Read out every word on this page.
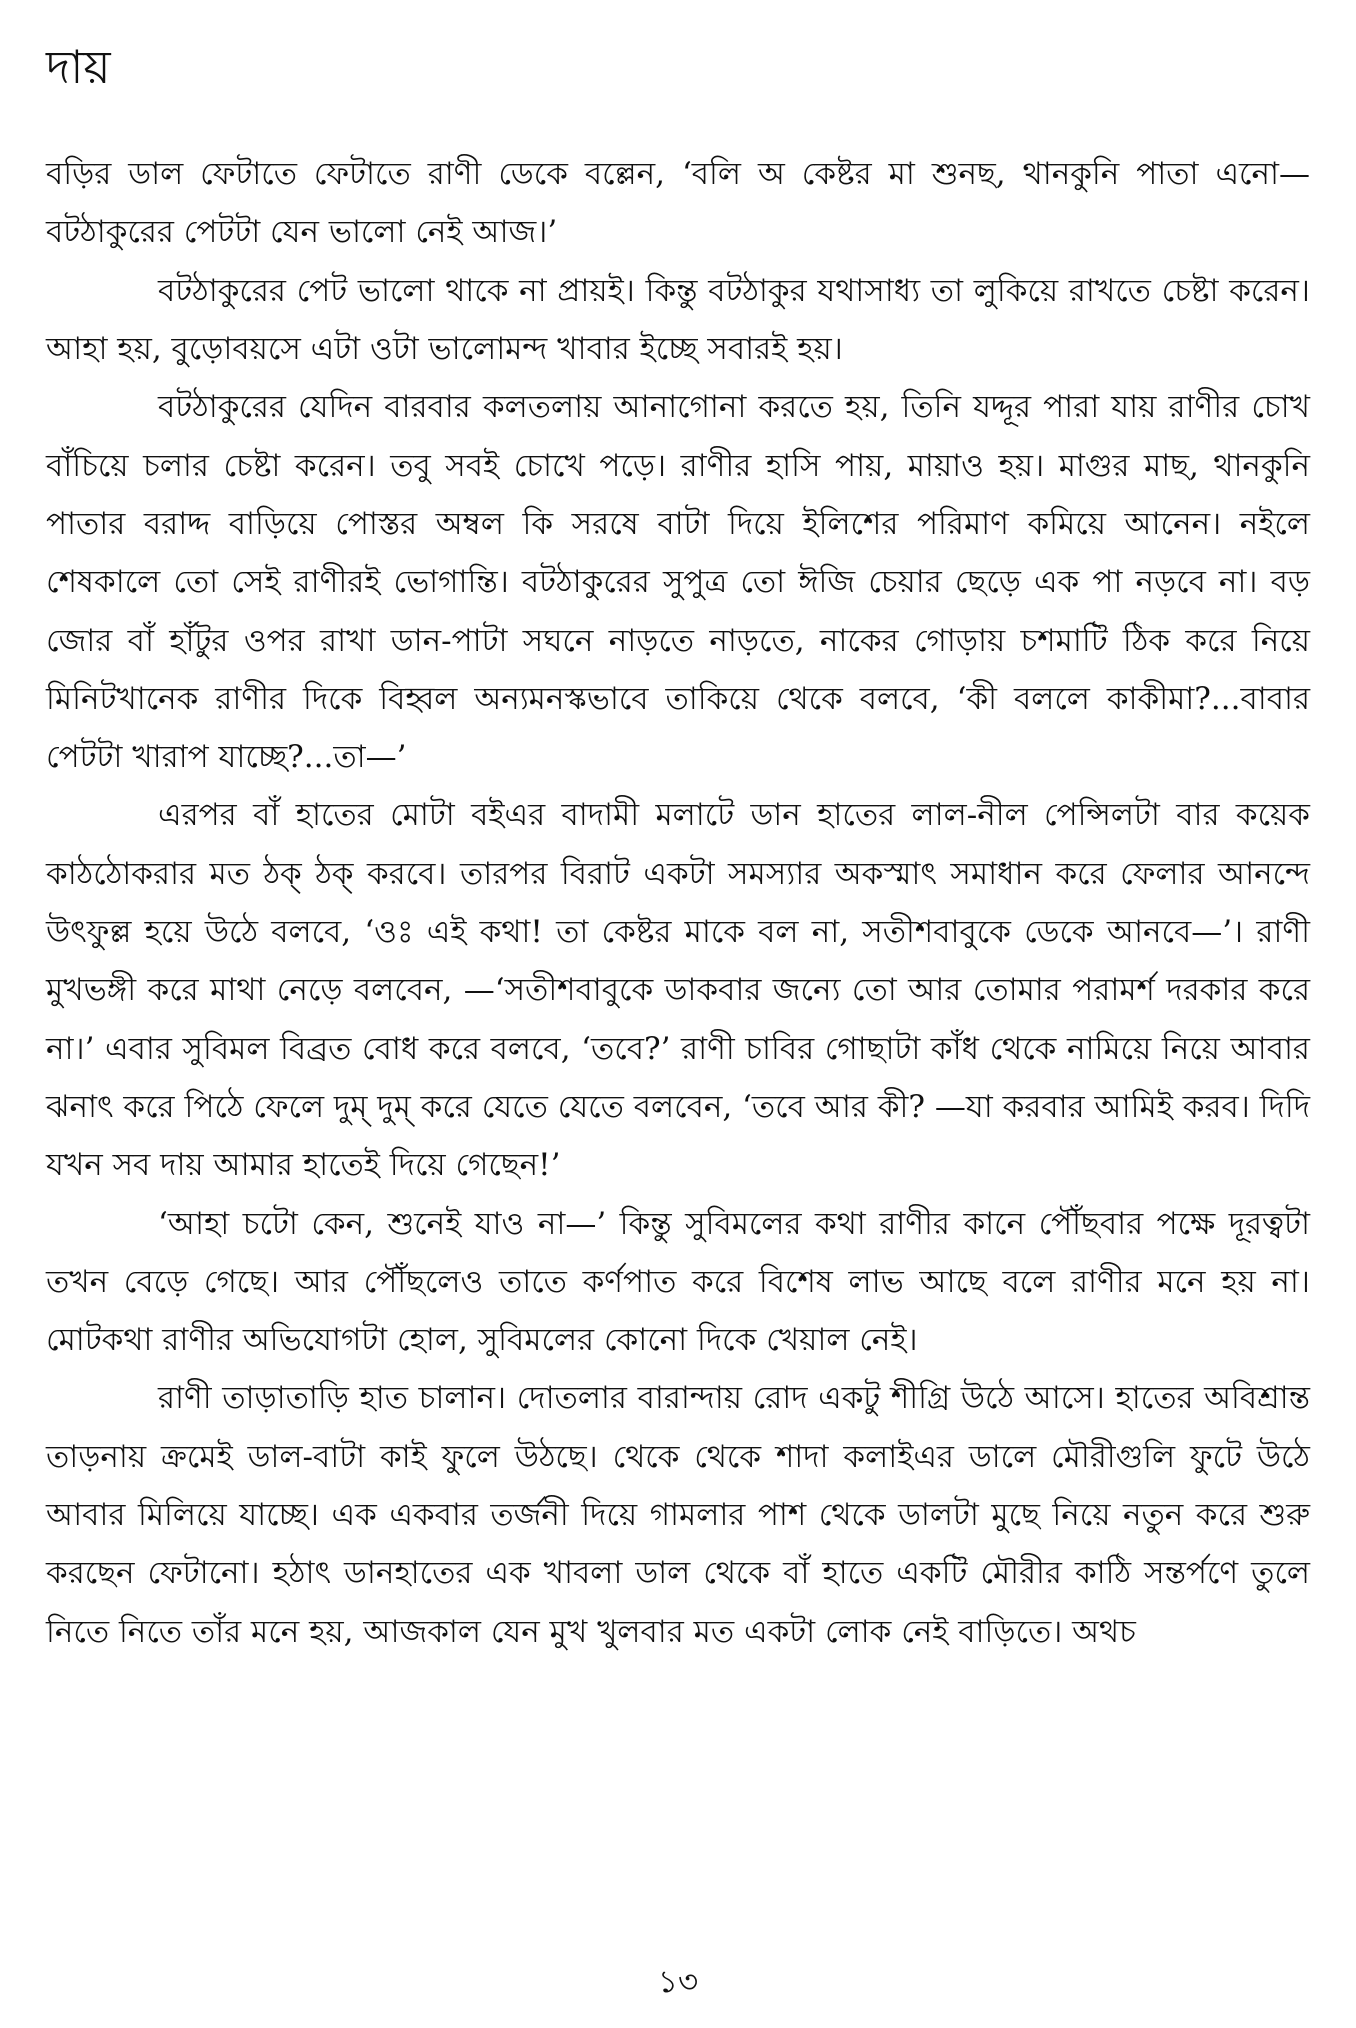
দায়

বড়ির ডাল ফেটাতে ফেটাতে রাণী ডেকে বল্লেন, ‘বলি অ কেষ্টর মা শুনছ, থানকুনি পাতা এনো—বটঠাকুরের পেটটা যেন ভালো নেই আজ।’

বটঠাকুরের পেট ভালো থাকে না প্রায়ই। কিন্তু বটঠাকুর যথাসাধ্য তা লুকিয়ে রাখতে চেষ্টা করেন। আহা হয়, বুড়োবয়সে এটা ওটা ভালোমন্দ খাবার ইচ্ছে সবারই হয়।

বটঠাকুরের যেদিন বারবার কলতলায় আনাগোনা করতে হয়, তিনি যদ্দূর পারা যায় রাণীর চোখ বাঁচিয়ে চলার চেষ্টা করেন। তবু সবই চোখে পড়ে। রাণীর হাসি পায়, মায়াও হয়। মাগুর মাছ, থানকুনি পাতার বরাদ্দ বাড়িয়ে পোস্তর অম্বল কি সরষে বাটা দিয়ে ইলিশের পরিমাণ কমিয়ে আনেন। নইলে শেষকালে তো সেই রাণীরই ভোগান্তি। বটঠাকুরের সুপুত্র তো ঈজি চেয়ার ছেড়ে এক পা নড়বে না। বড় জোর বাঁ হাঁটুর ওপর রাখা ডান-পাটা সঘনে নাড়তে নাড়তে, নাকের গোড়ায় চশমাটি ঠিক করে নিয়ে মিনিটখানেক রাণীর দিকে বিহ্বল অন্যমনস্কভাবে তাকিয়ে থেকে বলবে, ‘কী বললে কাকীমা?...বাবার পেটটা খারাপ যাচ্ছে?...তা—’

এরপর বাঁ হাতের মোটা বইএর বাদামী মলাটে ডান হাতের লাল-নীল পেন্সিলটা বার কয়েক কাঠঠোকরার মত ঠক্ ঠক্ করবে। তারপর বিরাট একটা সমস্যার অকস্মাৎ সমাধান করে ফেলার আনন্দে উৎফুল্ল হয়ে উঠে বলবে, ‘ওঃ এই কথা! তা কেষ্টর মাকে বল না, সতীশবাবুকে ডেকে আনবে—’। রাণী মুখভঙ্গী করে মাথা নেড়ে বলবেন, —‘সতীশবাবুকে ডাকবার জন্যে তো আর তোমার পরামর্শ দরকার করে না।’ এবার সুবিমল বিব্রত বোধ করে বলবে, ‘তবে?’ রাণী চাবির গোছাটা কাঁধ থেকে নামিয়ে নিয়ে আবার ঝনাৎ করে পিঠে ফেলে দুম্ দুম্ করে যেতে যেতে বলবেন, ‘তবে আর কী? —যা করবার আমিই করব। দিদি যখন সব দায় আমার হাতেই দিয়ে গেছেন!’

‘আহা চটো কেন, শুনেই যাও না—’ কিন্তু সুবিমলের কথা রাণীর কানে পৌঁছবার পক্ষে দূরত্বটা তখন বেড়ে গেছে। আর পৌঁছলেও তাতে কর্ণপাত করে বিশেষ লাভ আছে বলে রাণীর মনে হয় না। মোটকথা রাণীর অভিযোগটা হোল, সুবিমলের কোনো দিকে খেয়াল নেই।

রাণী তাড়াতাড়ি হাত চালান। দোতলার বারান্দায় রোদ একটু শীগ্রি উঠে আসে। হাতের অবিশ্রান্ত তাড়নায় ক্রমেই ডাল-বাটা কাই ফুলে উঠছে। থেকে থেকে শাদা কলাইএর ডালে মৌরীগুলি ফুটে উঠে আবার মিলিয়ে যাচ্ছে। এক একবার তর্জনী দিয়ে গামলার পাশ থেকে ডালটা মুছে নিয়ে নতুন করে শুরু করছেন ফেটানো। হঠাৎ ডানহাতের এক খাবলা ডাল থেকে বাঁ হাতে একটি মৌরীর কাঠি সন্তর্পণে তুলে নিতে নিতে তাঁর মনে হয়, আজকাল যেন মুখ খুলবার মত একটা লোক নেই বাড়িতে। অথচ

১৩
